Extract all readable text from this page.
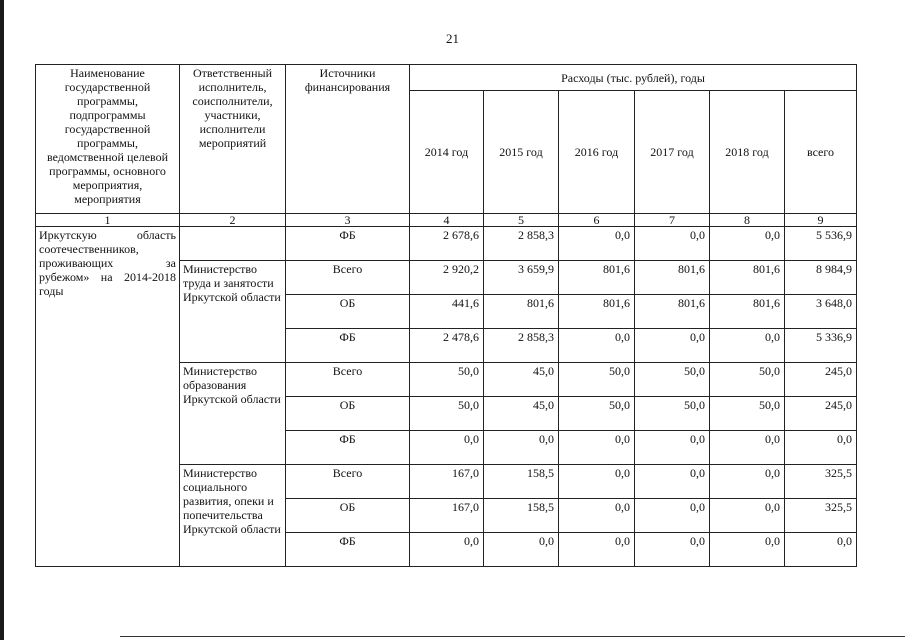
21
Наименование государственной программы, подпрограммы государственной программы, ведомственной целевой программы, основного мероприятия, мероприятия	Ответственный исполнитель, соисполнители, участники, исполнители мероприятий	Источники финансирования	Расходы (тыс. рублей), годы					
			2014 год	2015 год	2016 год	2017 год	2018 год	всего
1	2	3	4	5	6	7	8	9
Иркутскую область соотечественников, проживающих за рубежом» на 2014-2018 годы		ФБ	2 678,6	2 858,3	0,0	0,0	0,0	5 536,9
	Министерство труда и занятости Иркутской области	Всего	2 920,2	3 659,9	801,6	801,6	801,6	8 984,9
		ОБ	441,6	801,6	801,6	801,6	801,6	3 648,0
		ФБ	2 478,6	2 858,3	0,0	0,0	0,0	5 336,9
	Министерство образования Иркутской области	Всего	50,0	45,0	50,0	50,0	50,0	245,0
		ОБ	50,0	45,0	50,0	50,0	50,0	245,0
		ФБ	0,0	0,0	0,0	0,0	0,0	0,0
	Министерство социального развития, опеки и попечительства Иркутской области	Всего	167,0	158,5	0,0	0,0	0,0	325,5
		ОБ	167,0	158,5	0,0	0,0	0,0	325,5
		ФБ	0,0	0,0	0,0	0,0	0,0	0,0
